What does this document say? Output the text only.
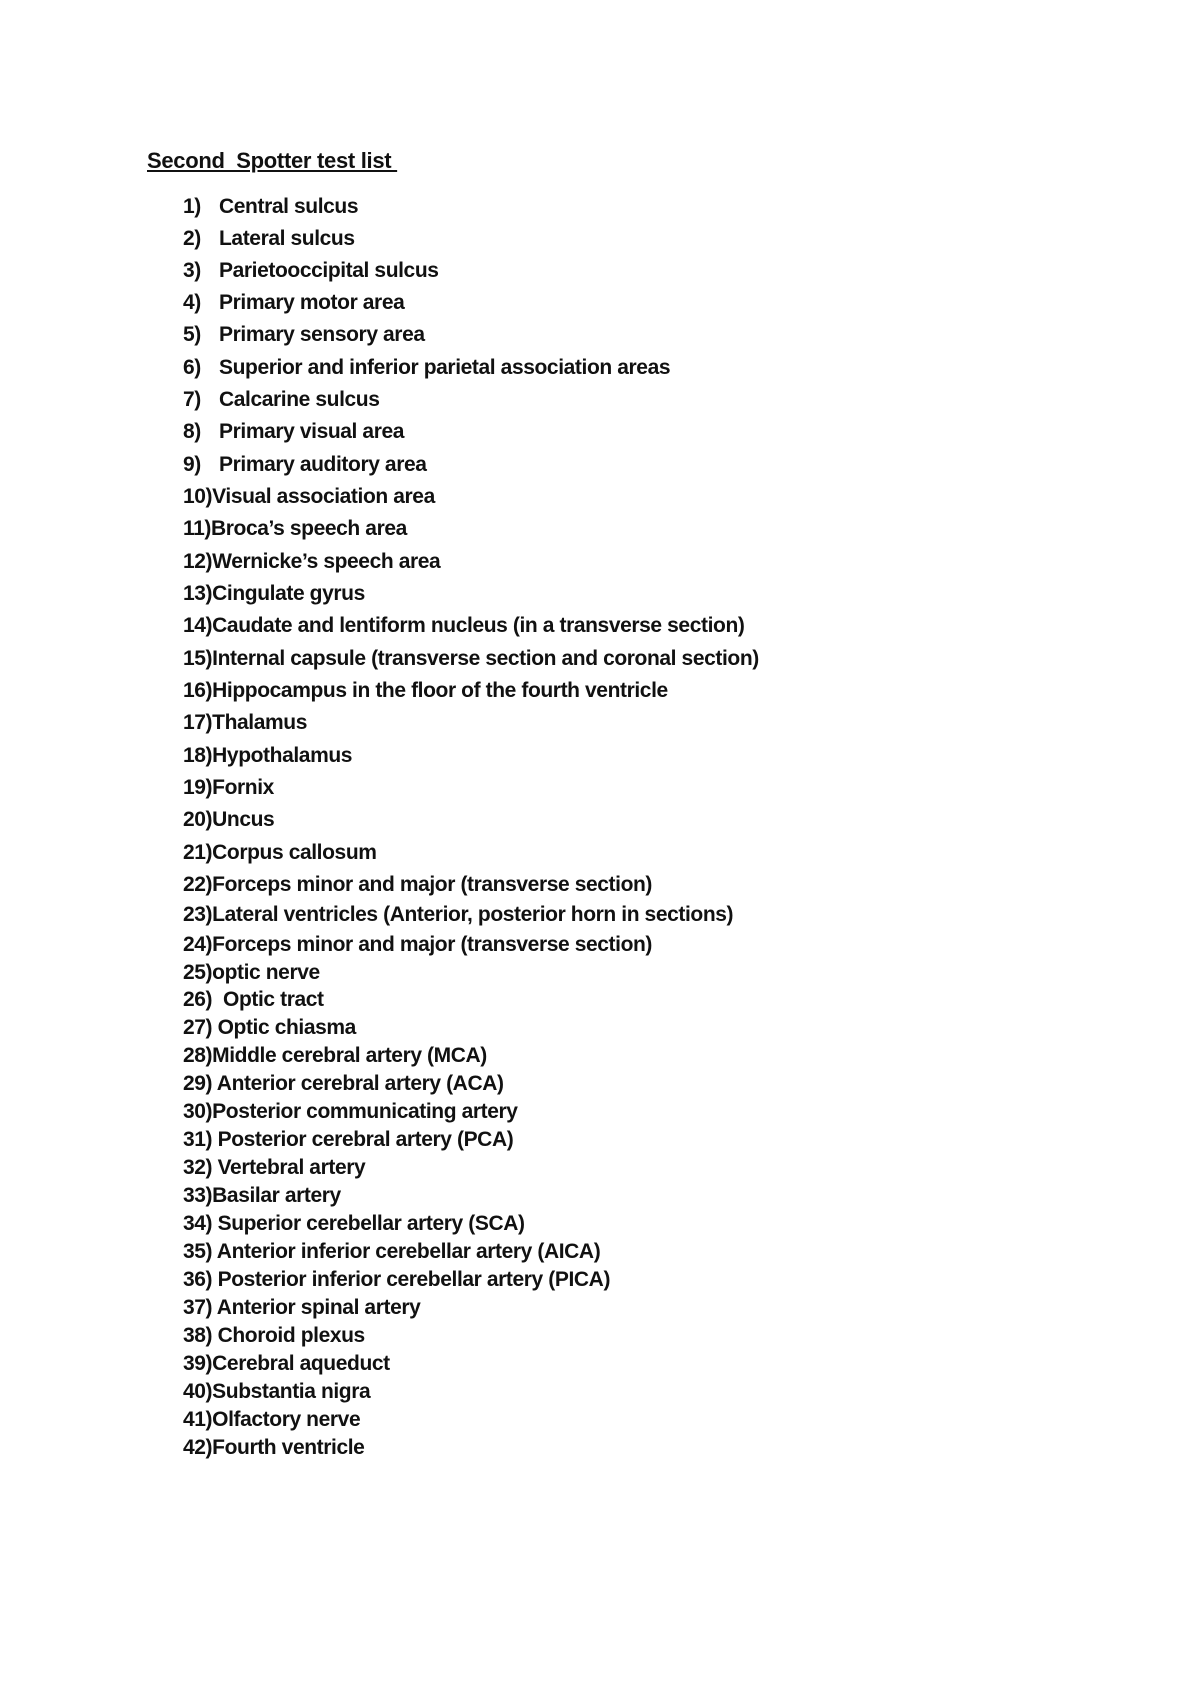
Second  Spotter test list
1) Central sulcus
2) Lateral sulcus
3) Parietooccipital sulcus
4) Primary motor area
5) Primary sensory area
6) Superior and inferior parietal association areas
7) Calcarine sulcus
8) Primary visual area
9) Primary auditory area
10)Visual association area
11)Broca’s speech area
12)Wernicke’s speech area
13)Cingulate gyrus
14)Caudate and lentiform nucleus (in a transverse section)
15)Internal capsule (transverse section and coronal section)
16)Hippocampus in the floor of the fourth ventricle
17)Thalamus
18)Hypothalamus
19)Fornix
20)Uncus
21)Corpus callosum
22)Forceps minor and major (transverse section)
23)Lateral ventricles (Anterior, posterior horn in sections)
24)Forceps minor and major (transverse section)
25)optic nerve
26)  Optic tract
27) Optic chiasma
28)Middle cerebral artery (MCA)
29) Anterior cerebral artery (ACA)
30)Posterior communicating artery
31) Posterior cerebral artery (PCA)
32) Vertebral artery
33)Basilar artery
34) Superior cerebellar artery (SCA)
35) Anterior inferior cerebellar artery (AICA)
36) Posterior inferior cerebellar artery (PICA)
37) Anterior spinal artery
38) Choroid plexus
39)Cerebral aqueduct
40)Substantia nigra
41)Olfactory nerve
42)Fourth ventricle
